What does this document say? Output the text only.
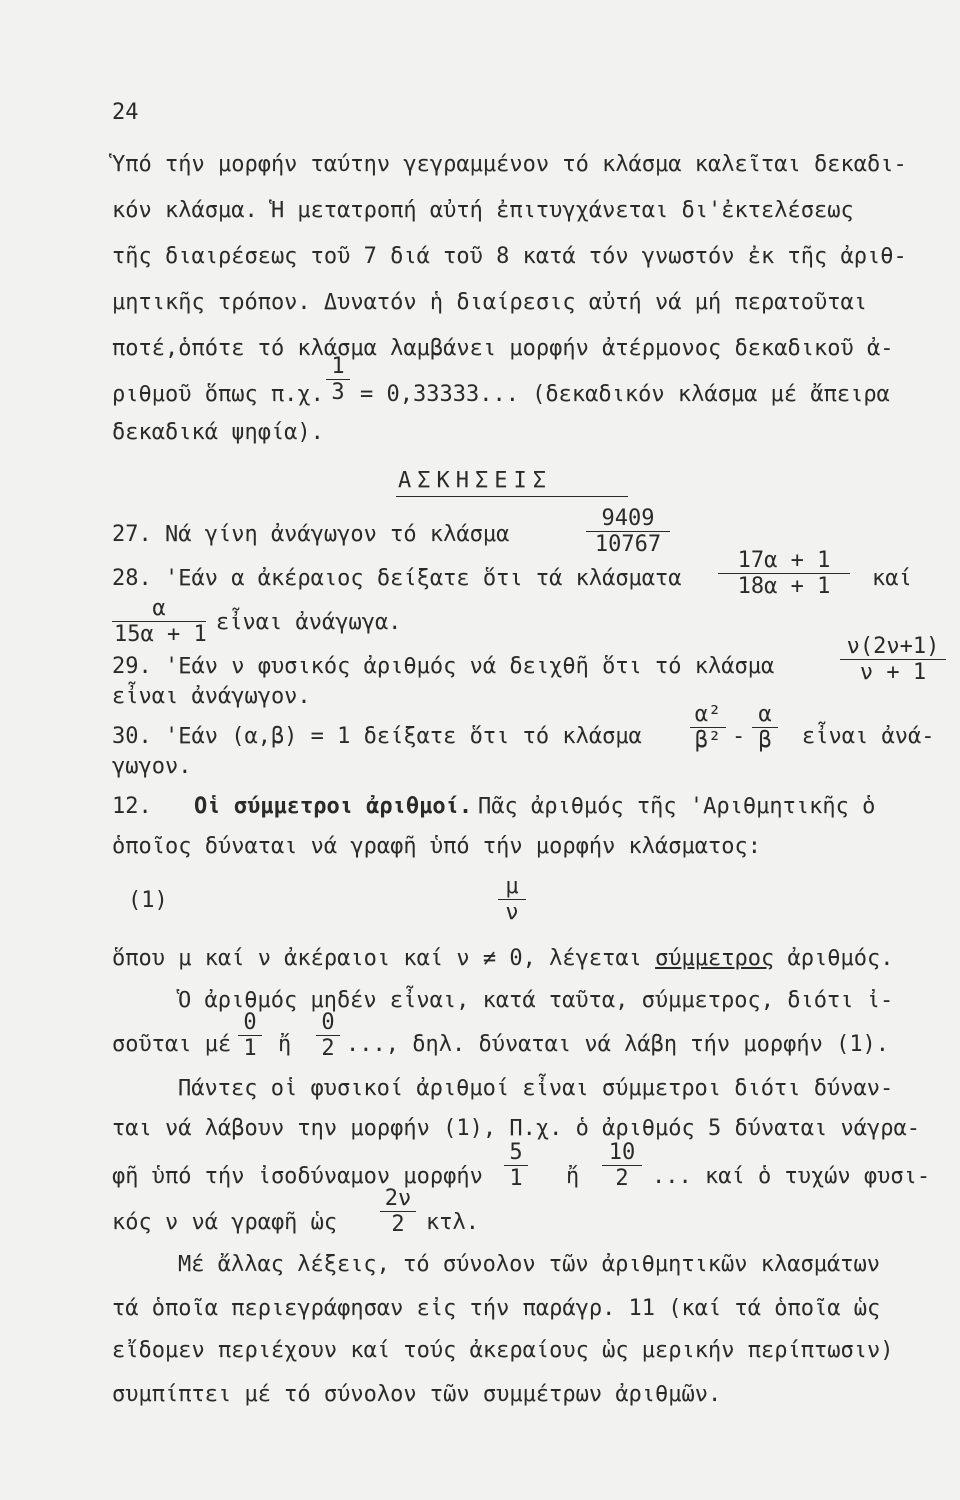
24
Ὑπό τήν μορφήν ταύτην γεγραμμένον τό κλάσμα καλεῖται δεκαδι-
κόν κλάσμα. Ἡ μετατροπή αὐτή ἐπιτυγχάνεται δι'ἐκτελέσεως
τῆς διαιρέσεως τοῦ 7 διά τοῦ 8 κατά τόν γνωστόν ἐκ τῆς ἀριθ-
μητικῆς τρόπον. Δυνατόν ἡ διαίρεσις αὐτή νά μή περατοῦται
ποτέ,ὁπότε τό κλάσμα λαμβάνει μορφήν ἀτέρμονος δεκαδικοῦ ἀ-
ριθμοῦ ὅπως π.χ. $\frac{1}{3} = 0,33333$... (δεκαδικόν κλάσμα μέ ἄπειρα
δεκαδικά ψηφία).
ΑΣΚΗΣΕΙΣ
27. Νά γίνη ἀνάγωγον τό κλάσμα	$\frac{9409}{10767}$
28. 'Εάν α ἀκέραιος δείξατε ὅτι τά κλάσματα $\frac{17\alpha + 1}{18\alpha + 1}$ καί
$\frac{\alpha}{15\alpha + 1}$ εἶναι ἀνάγωγα.
29. 'Εάν ν φυσικός ἀριθμός νά δειχθῆ ὅτι τό κλάσμα	$\frac{\nu(2\nu+1)}{\nu + 1}$
εἶναι ἀνάγωγον.
30. 'Εάν (α,β) = 1 δείξατε ὅτι τό κλάσμα $\frac{\text{α²}}{\text{β²}} - \frac{\alpha}{\beta}$ εἶναι ἀνά-
γωγον.
12. Οἱ σύμμετροι ἀριθμοί. Πᾶς ἀριθμός τῆς 'Αριθμητικῆς ὁ
ὁποῖος δύναται νά γραφῆ ὑπό τήν μορφήν κλάσματος:
(1)	$\frac{\mu}{\nu}$
ὅπου μ καί ν ἀκέραιοι καί ν ≠ 0, λέγεται σύμμετρος ἀριθμός.
Ὁ ἀριθμός μηδέν εἶναι, κατά ταῦτα, σύμμετρος, διότι ἰ-
σοῦται μέ $\frac{0}{1}$ ἤ $\frac{0}{2}$ ..., δηλ. δύναται νά λάβη τήν μορφήν (1).
Πάντες οἱ φυσικοί ἀριθμοί εἶναι σύμμετροι διότι δύναν-
ται νά λάβουν την μορφήν (1), Π.χ. ὁ ἀριθμός 5 δύναται νάγρα-
φῆ ὑπό τήν ἰσοδύναμον μορφήν $\frac{5}{1}$ ἤ $\frac{10}{2}$ ... καί ὁ τυχών φυσι-
κός ν νά γραφῆ ὡς $\frac{2\nu}{2} \kappa\tau\lambda$.
Μέ ἄλλας λέξεις, τό σύνολον τῶν ἀριθμητικῶν κλασμάτων
τά ὁποῖα περιεγράφησαν εἰς τήν παράγρ. 11 (καί τά ὁποῖα ὡς
εἴδομεν περιέχουν καί τούς ἀκεραίους ὡς μερικήν περίπτωσιν)
συμπίπτει μέ τό σύνολον τῶν συμμέτρων ἀριθμῶν.
